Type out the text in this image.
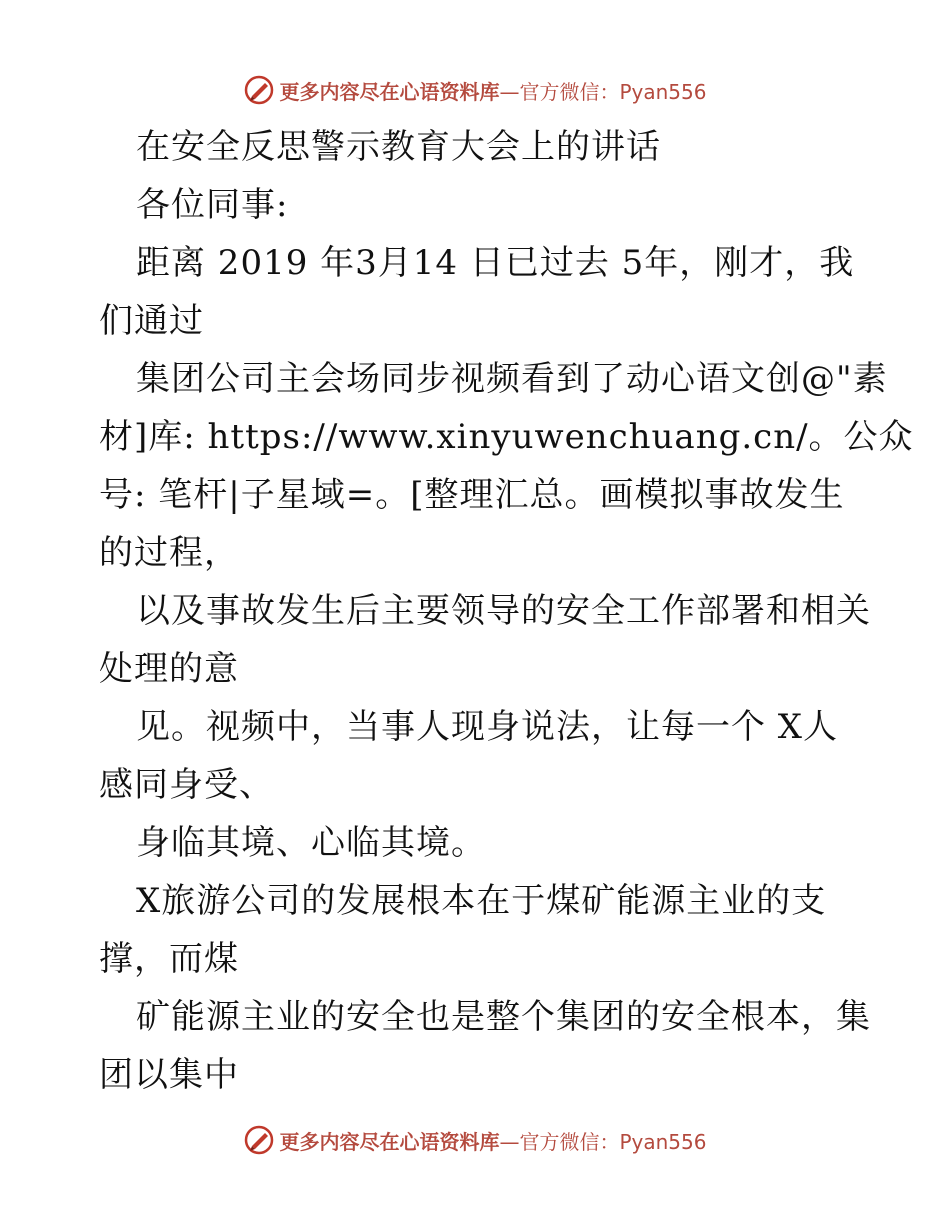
更多内容尽在心语资料库 —官方微信：Pyan556
在安全反思警示教育大会上的讲话
各位同事:
距离 2019 年3月14 日已过去 5年，刚才，我
们通过
集团公司主会场同步视频看到了动心语文创@"素
材]库: https://www.xinyuwenchuang.cn/。公众
号: 笔杆|子星域=。[整理汇总。画模拟事故发生
的过程，
以及事故发生后主要领导的安全工作部署和相关
处理的意
见。视频中，当事人现身说法，让每一个 X人
感同身受、
身临其境、心临其境。
X旅游公司的发展根本在于煤矿能源主业的支
撑，而煤
矿能源主业的安全也是整个集团的安全根本，集
团以集中
更多内容尽在心语资料库 —官方微信：Pyan556
